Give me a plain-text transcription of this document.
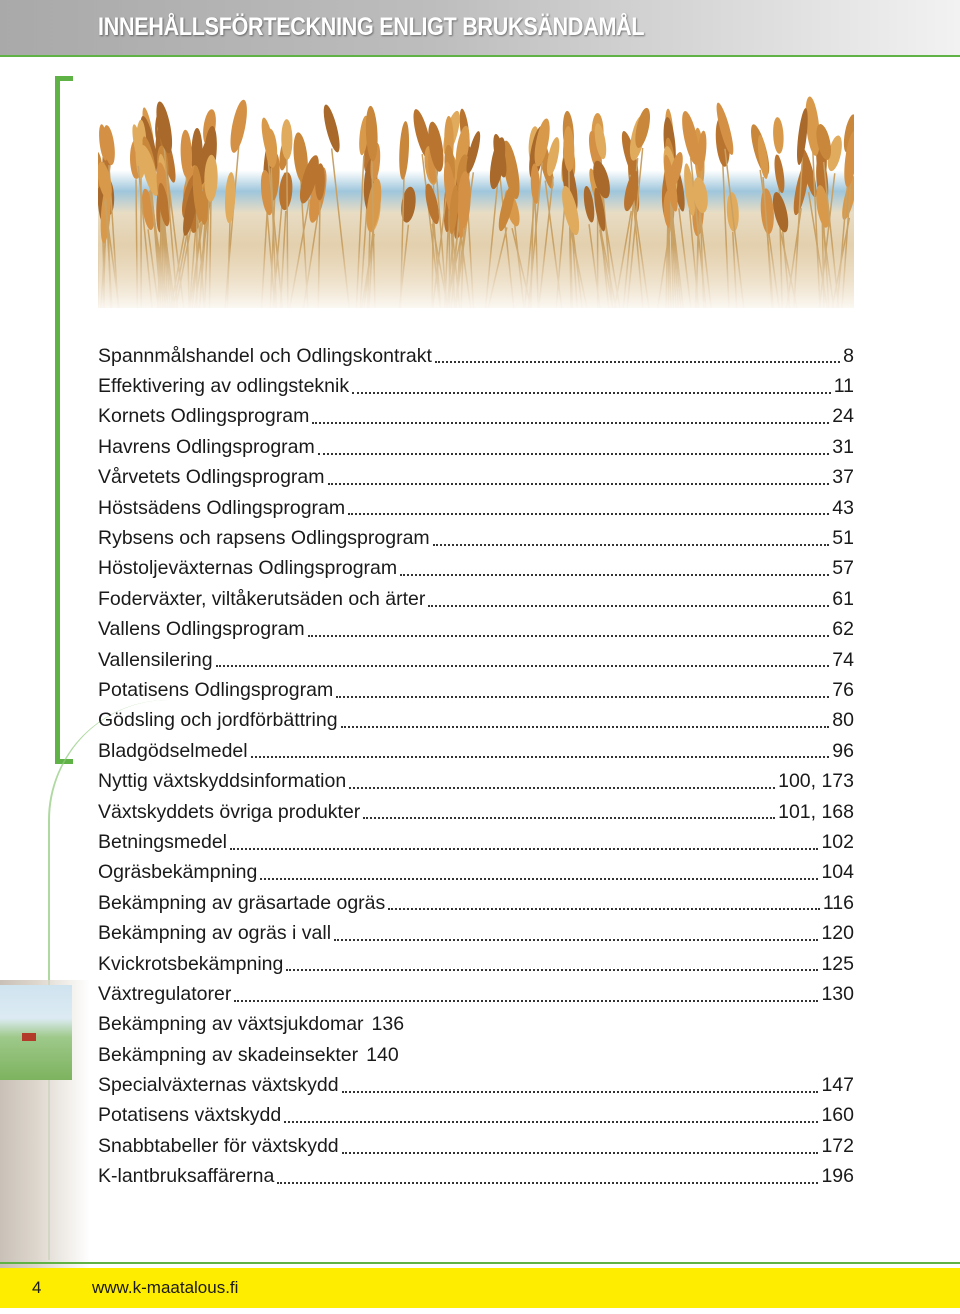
INNEHÅLLSFÖRTECKNING ENLIGT BRUKSÄNDAMÅL
Spannmålshandel och Odlingskontrakt	8
Effektivering av odlingsteknik	11
Kornets Odlingsprogram	24
Havrens Odlingsprogram	31
Vårvetets Odlingsprogram	37
Höstsädens Odlingsprogram	43
Rybsens och rapsens Odlingsprogram	51
Höstoljeväxternas Odlingsprogram	57
Foderväxter, viltåkerutsäden och ärter	61
Vallens Odlingsprogram	62
Vallensilering	74
Potatisens Odlingsprogram	76
Gödsling och jordförbättring	80
Bladgödselmedel	96
Nyttig växtskyddsinformation	100, 173
Växtskyddets övriga produkter	101, 168
Betningsmedel	102
Ogräsbekämpning	104
Bekämpning av gräsartade ogräs	116
Bekämpning av ogräs i vall	120
Kvickrotsbekämpning	125
Växtregulatorer	130
Bekämpning av växtsjukdomar 136
Bekämpning av skadeinsekter 140
Specialväxternas växtskydd	147
Potatisens växtskydd	160
Snabbtabeller för växtskydd	172
K-lantbruksaffärerna	196
4	www.k-maatalous.fi
